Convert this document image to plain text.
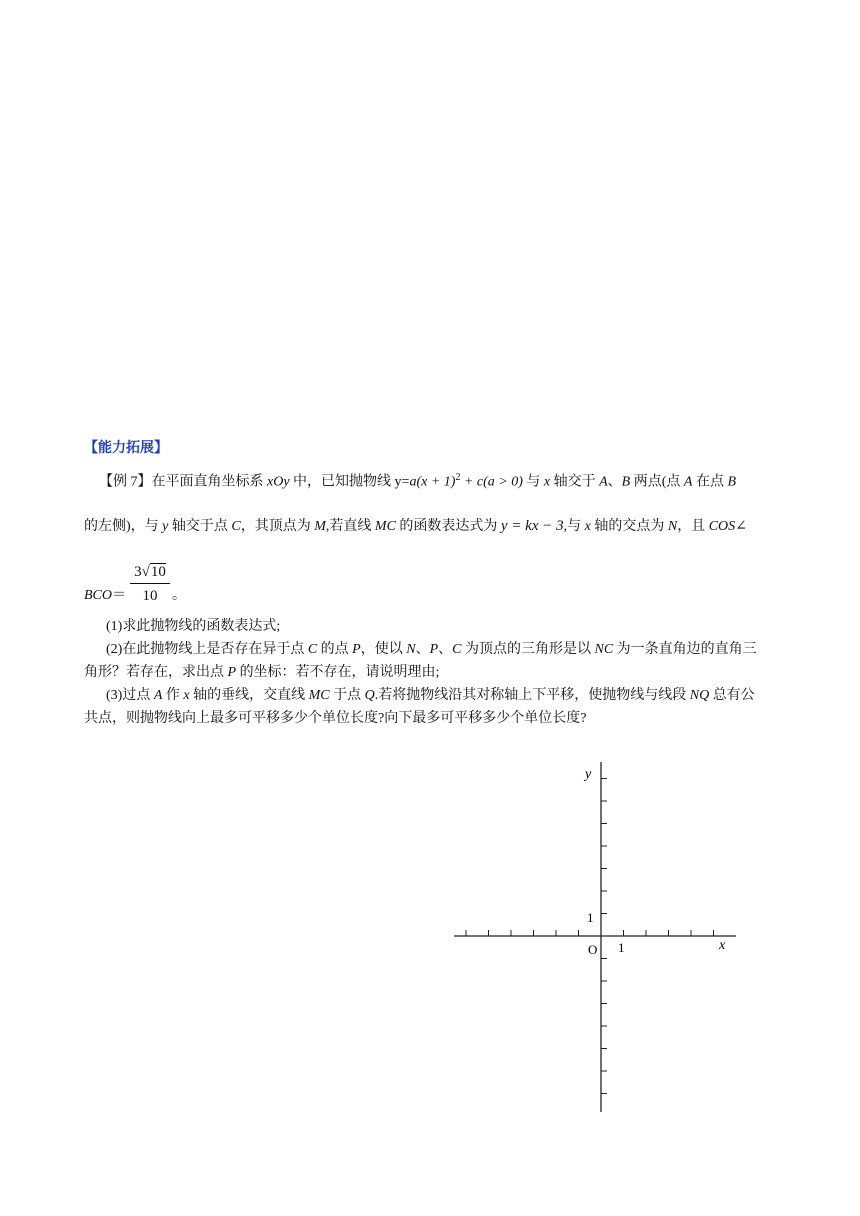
【能力拓展】
【例 7】在平面直角坐标系 xOy 中，已知抛物线 $y=a(x + 1)^2 + c(a > 0)$ 与 x 轴交于 A、B 两点(点 A 在点 B
的左侧)，与 y 轴交于点 C，其顶点为 M,若直线 MC 的函数表达式为 y = kx − 3,与 x 轴的交点为 N，且 COS∠
BCO＝
3√10
10	。
(1)求此抛物线的函数表达式;
(2)在此抛物线上是否存在异于点 C 的点 P，使以 N、P、C 为顶点的三角形是以 NC 为一条直角边的直角三
角形？若存在，求出点 P 的坐标：若不存在，请说明理由;
(3)过点 A 作 x 轴的垂线，交直线 MC 于点 Q.若将抛物线沿其对称轴上下平移，使抛物线与线段 NQ 总有公
共点，则抛物线向上最多可平移多少个单位长度?向下最多可平移多少个单位长度?
y
x
O 1
1
